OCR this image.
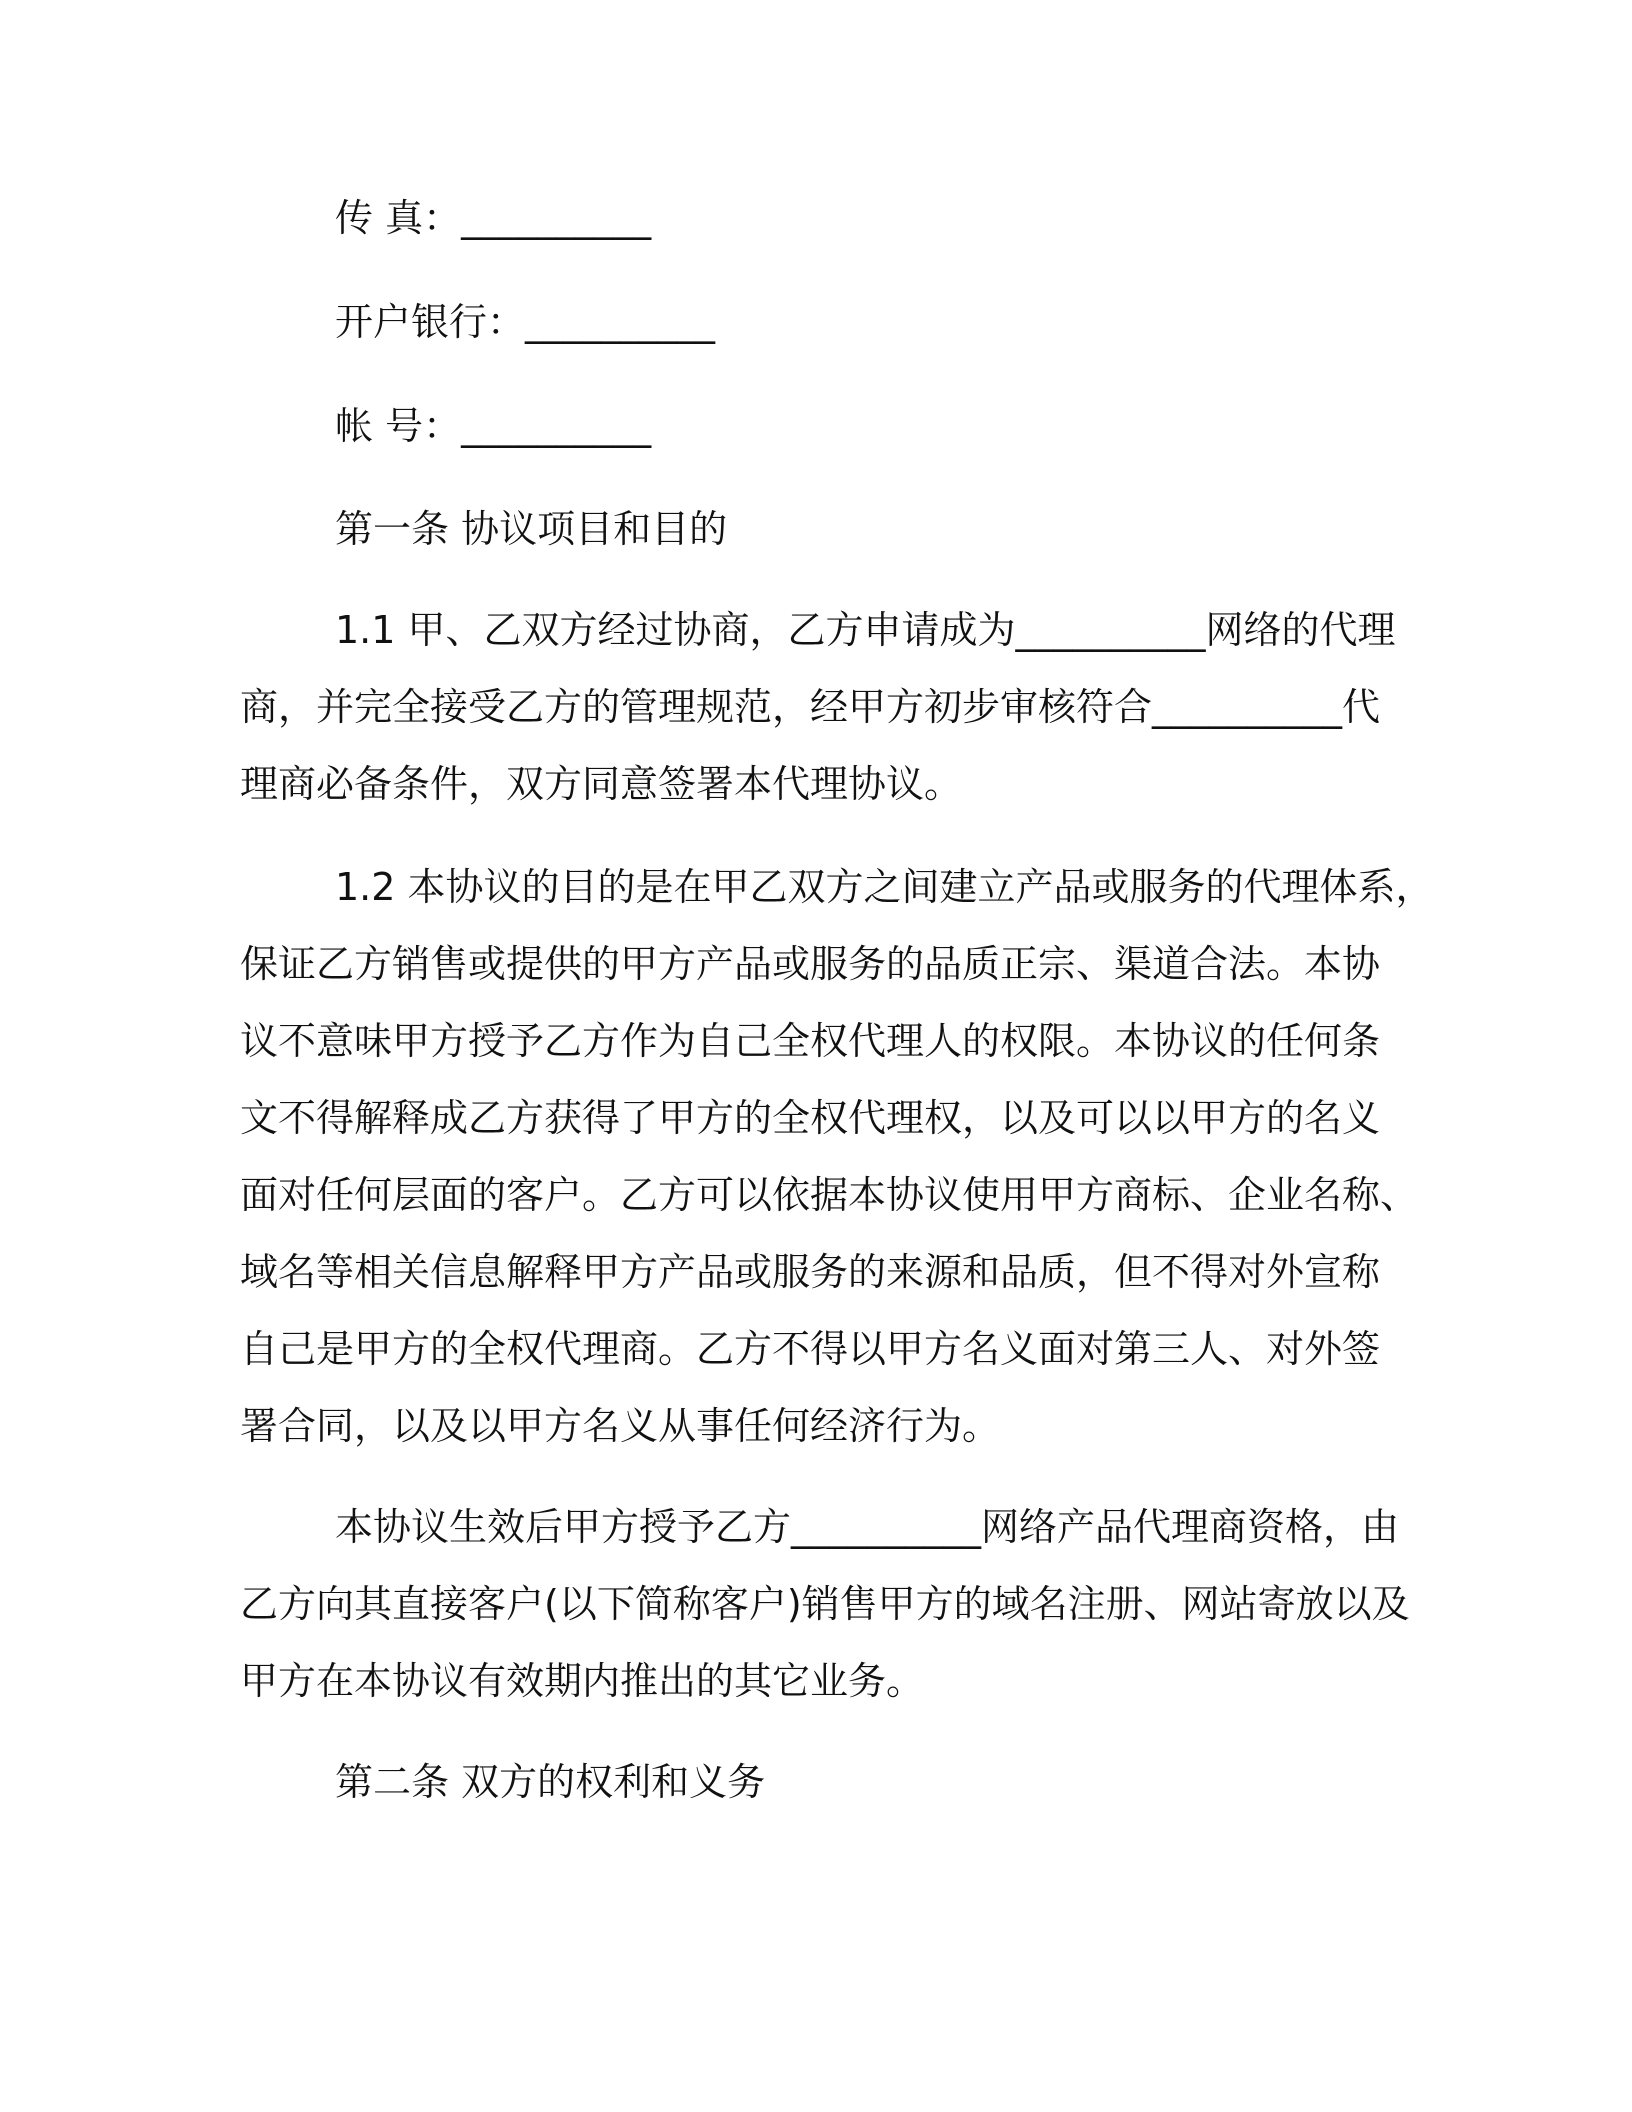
传 真：__________
开户银行：__________
帐 号：__________
第一条 协议项目和目的
1.1 甲、乙双方经过协商，乙方申请成为__________网络的代理
商，并完全接受乙方的管理规范，经甲方初步审核符合__________代
理商必备条件，双方同意签署本代理协议。
1.2 本协议的目的是在甲乙双方之间建立产品或服务的代理体系，
保证乙方销售或提供的甲方产品或服务的品质正宗、渠道合法。本协
议不意味甲方授予乙方作为自己全权代理人的权限。本协议的任何条
文不得解释成乙方获得了甲方的全权代理权，以及可以以甲方的名义
面对任何层面的客户。乙方可以依据本协议使用甲方商标、企业名称、
域名等相关信息解释甲方产品或服务的来源和品质，但不得对外宣称
自己是甲方的全权代理商。乙方不得以甲方名义面对第三人、对外签
署合同，以及以甲方名义从事任何经济行为。
本协议生效后甲方授予乙方__________网络产品代理商资格，由
乙方向其直接客户(以下简称客户)销售甲方的域名注册、网站寄放以及
甲方在本协议有效期内推出的其它业务。
第二条 双方的权利和义务
